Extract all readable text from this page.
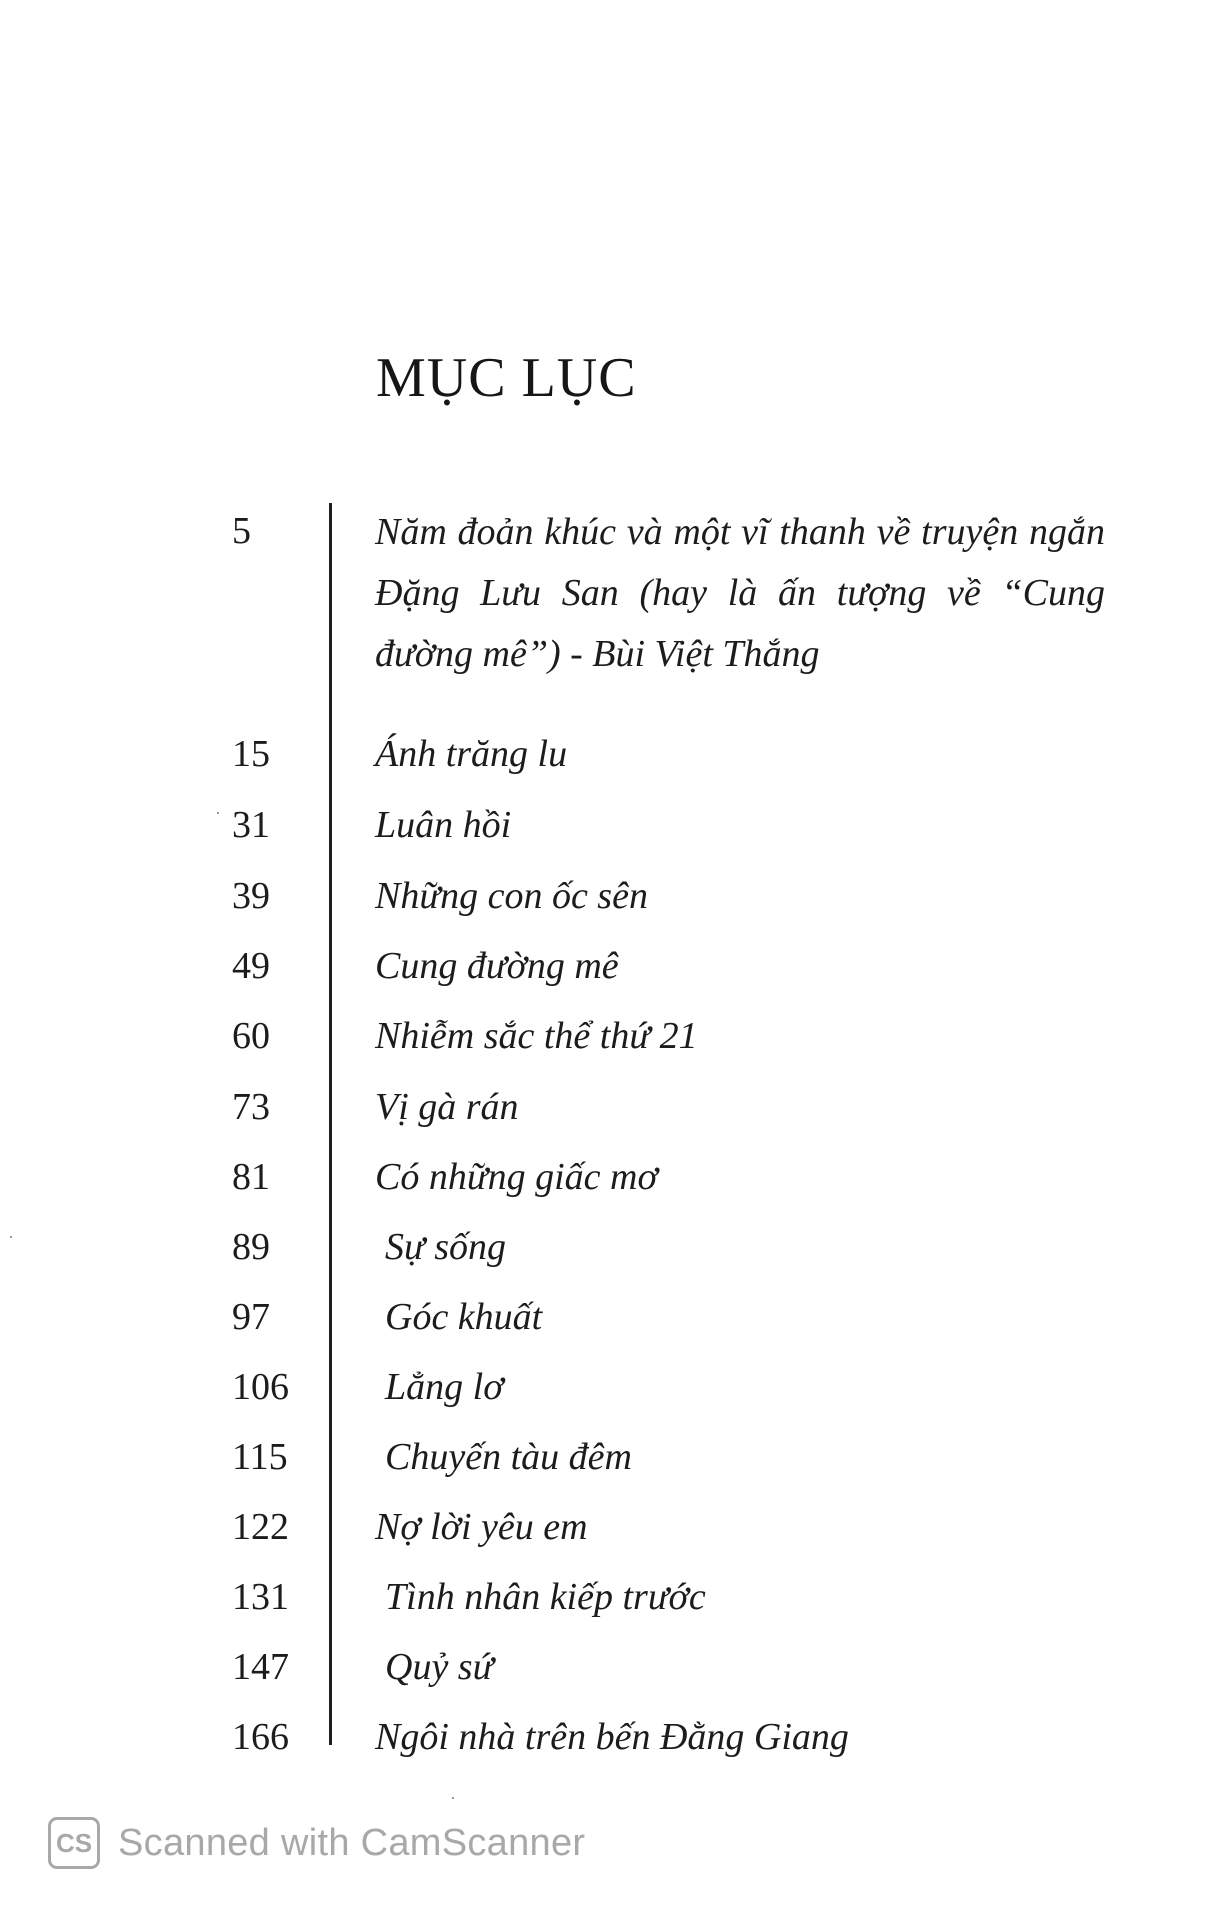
MỤC LỤC
5	Năm đoản khúc và một vĩ thanh về truyện ngắn Đặng Lưu San (hay là ấn tượng về “Cung đường mê”) - Bùi Việt Thắng
15	Ánh trăng lu
31	Luân hồi
39	Những con ốc sên
49	Cung đường mê
60	Nhiễm sắc thể thứ 21
73	Vị gà rán
81	Có những giấc mơ
89	Sự sống
97	Góc khuất
106	Lẳng lơ
115	Chuyến tàu đêm
122 Nợ lời yêu em
131	Tình nhân kiếp trước
147	Quỷ sứ
166 Ngôi nhà trên bến Đằng Giang
CS Scanned with CamScanner
